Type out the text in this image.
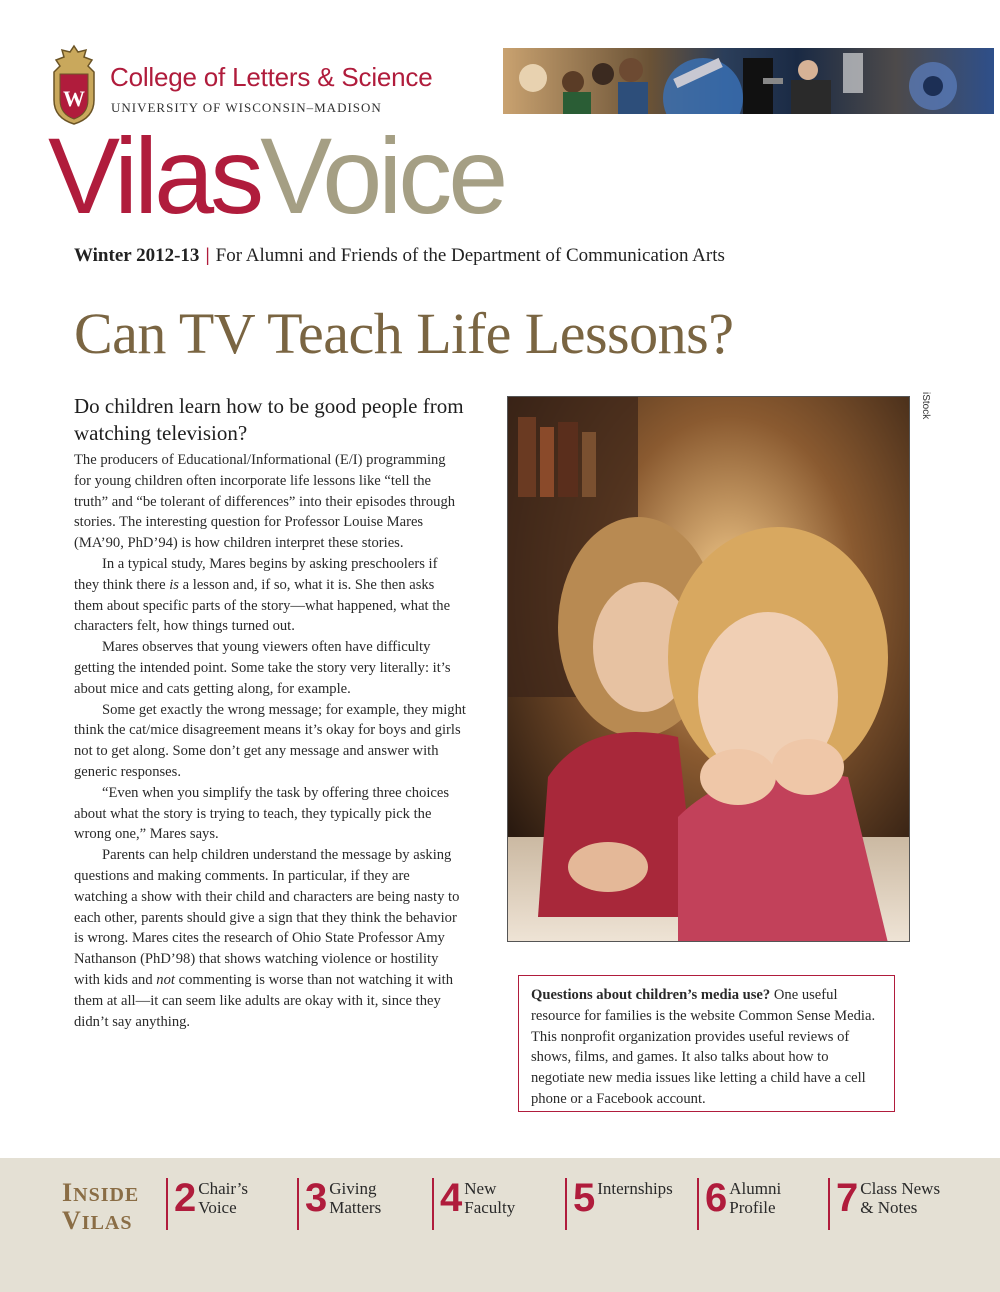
W
College of Letters & Science
UNIVERSITY OF WISCONSIN–MADISON
VilasVoice
Winter 2012-13 | For Alumni and Friends of the Department of Communication Arts
Can TV Teach Life Lessons?
Do children learn how to be good people from watching television?

The producers of Educational/Informational (E/I) programming for young children often incorporate life lessons like “tell the truth” and “be tolerant of differences” into their episodes through stories. The interesting question for Professor Louise Mares (MA’90, PhD’94) is how children interpret these stories.

In a typical study, Mares begins by asking preschoolers if they think there is a lesson and, if so, what it is. She then asks them about specific parts of the story—what happened, what the characters felt, how things turned out.

Mares observes that young viewers often have difficulty getting the intended point. Some take the story very literally: it’s about mice and cats getting along, for example.

Some get exactly the wrong message; for example, they might think the cat/mice disagreement means it’s okay for boys and girls not to get along. Some don’t get any message and answer with generic responses.

“Even when you simplify the task by offering three choices about what the story is trying to teach, they typically pick the wrong one,” Mares says.

Parents can help children understand the message by asking questions and making comments. In particular, if they are watching a show with their child and characters are being nasty to each other, parents should give a sign that they think the behavior is wrong. Mares cites the research of Ohio State Professor Amy Nathanson (PhD’98) that shows watching violence or hostility with kids and not commenting is worse than not watching it with them at all—it can seem like adults are okay with it, since they didn’t say anything.

iStock
Questions about children’s media use? One useful resource for families is the website Common Sense Media. This nonprofit organization provides useful reviews of shows, films, and games. It also talks about how to negotiate new media issues like letting a child have a cell phone or a Facebook account.
INSIDE
VILAS
2 Chair’s
Voice 3 Giving
Matters 4 New
Faculty 5 Internships 6 Alumni
Profile 7 Class News
& Notes
